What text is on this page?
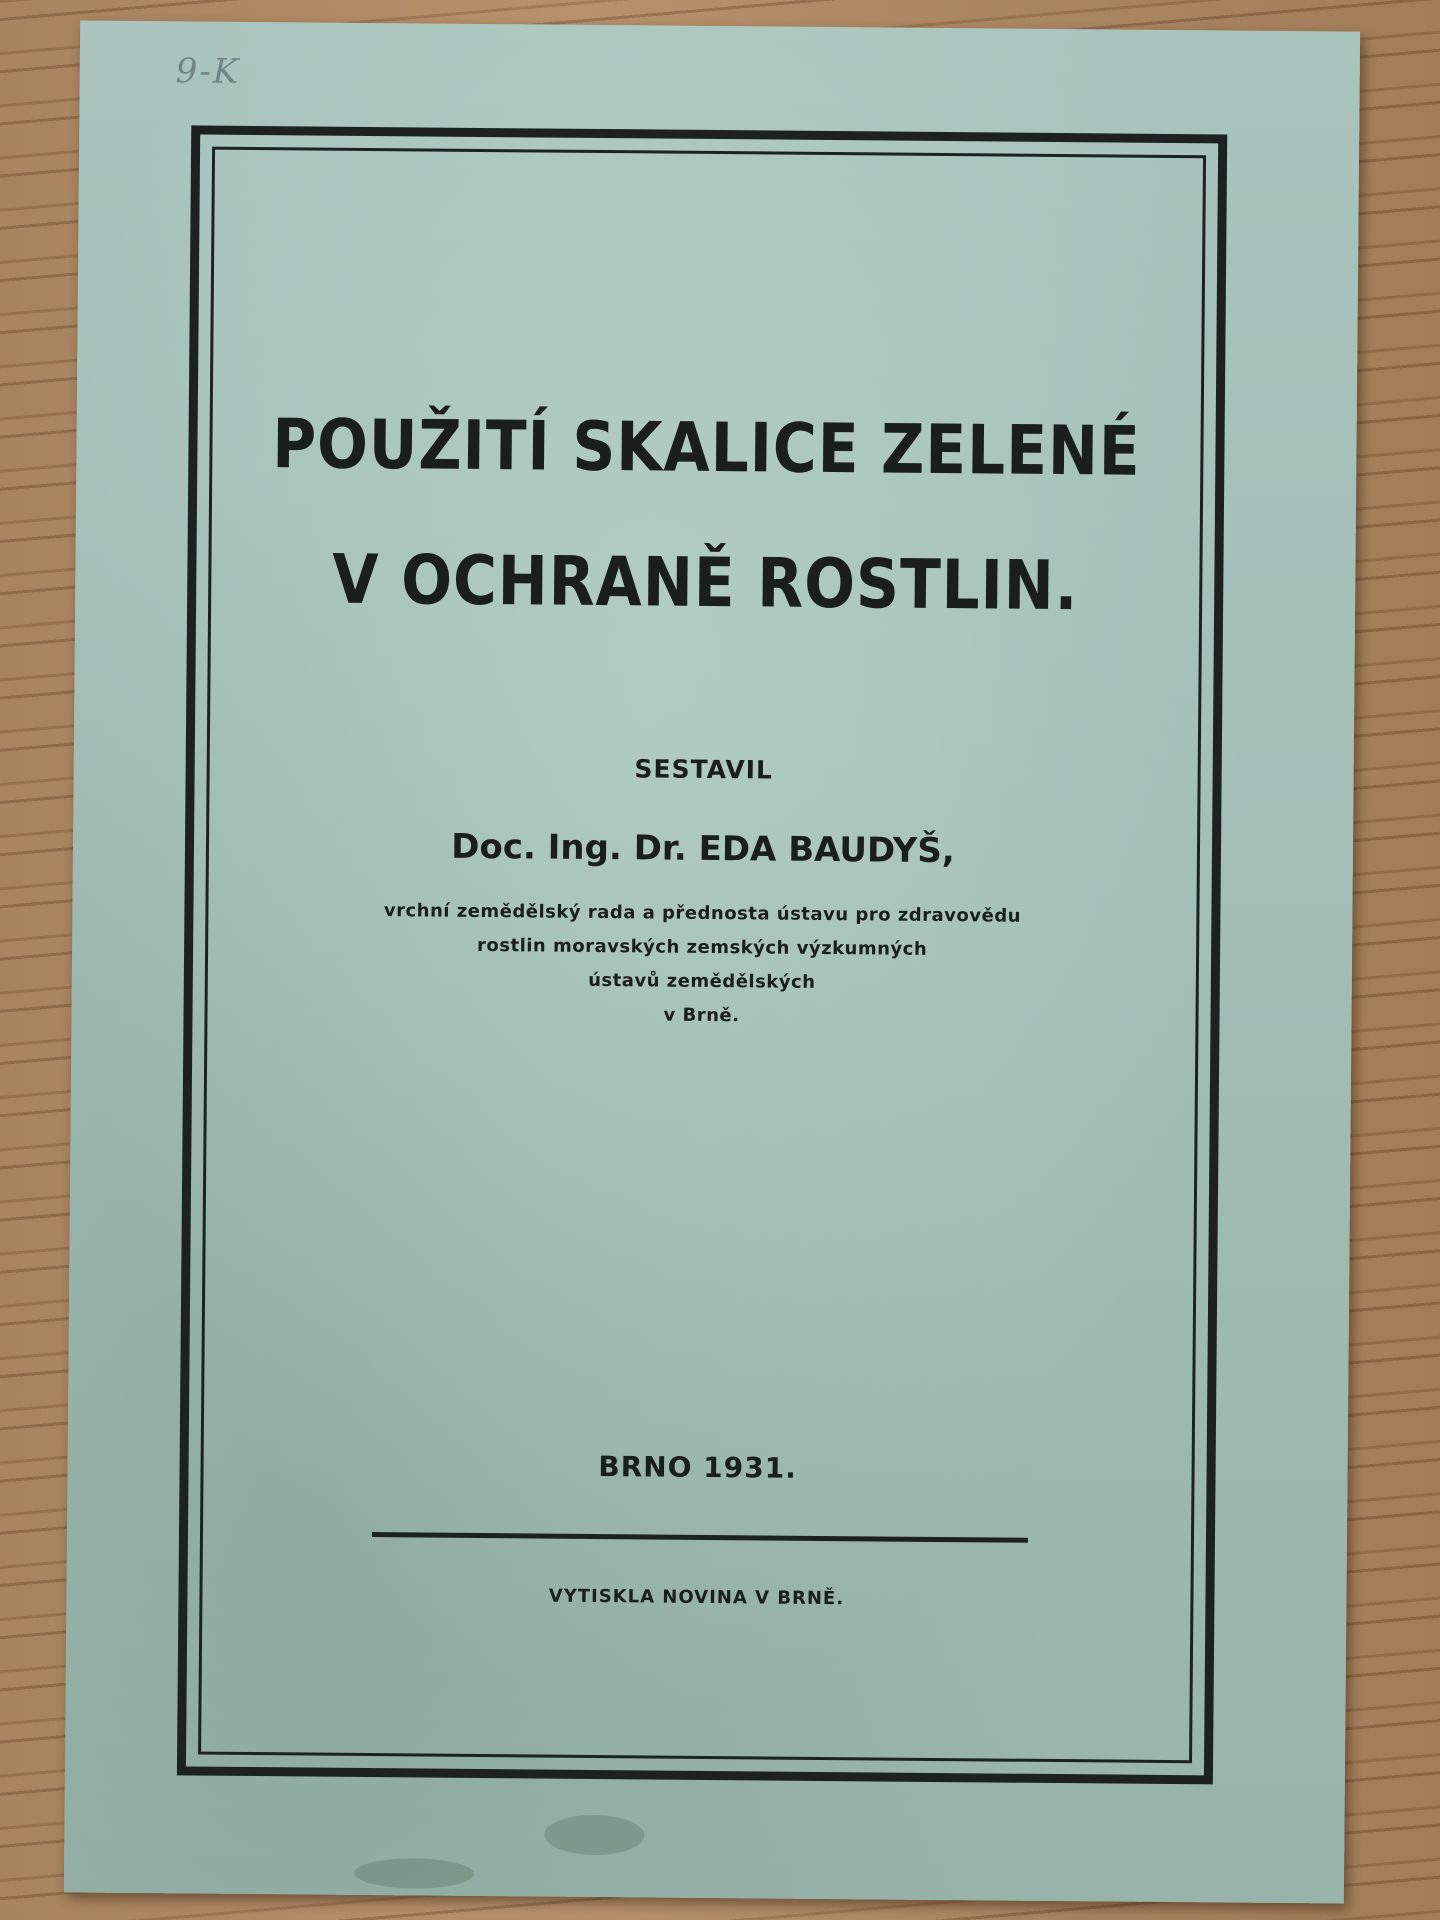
9-K
POUŽITÍ SKALICE ZELENÉ
V OCHRANĚ ROSTLIN.
SESTAVIL
Doc. Ing. Dr. EDA BAUDYŠ,
vrchní zemědělský rada a přednosta ústavu pro zdravovědu
rostlin moravských zemských výzkumných
ústavů zemědělských
v Brně.
BRNO 1931.
VYTISKLA NOVINA V BRNĚ.
